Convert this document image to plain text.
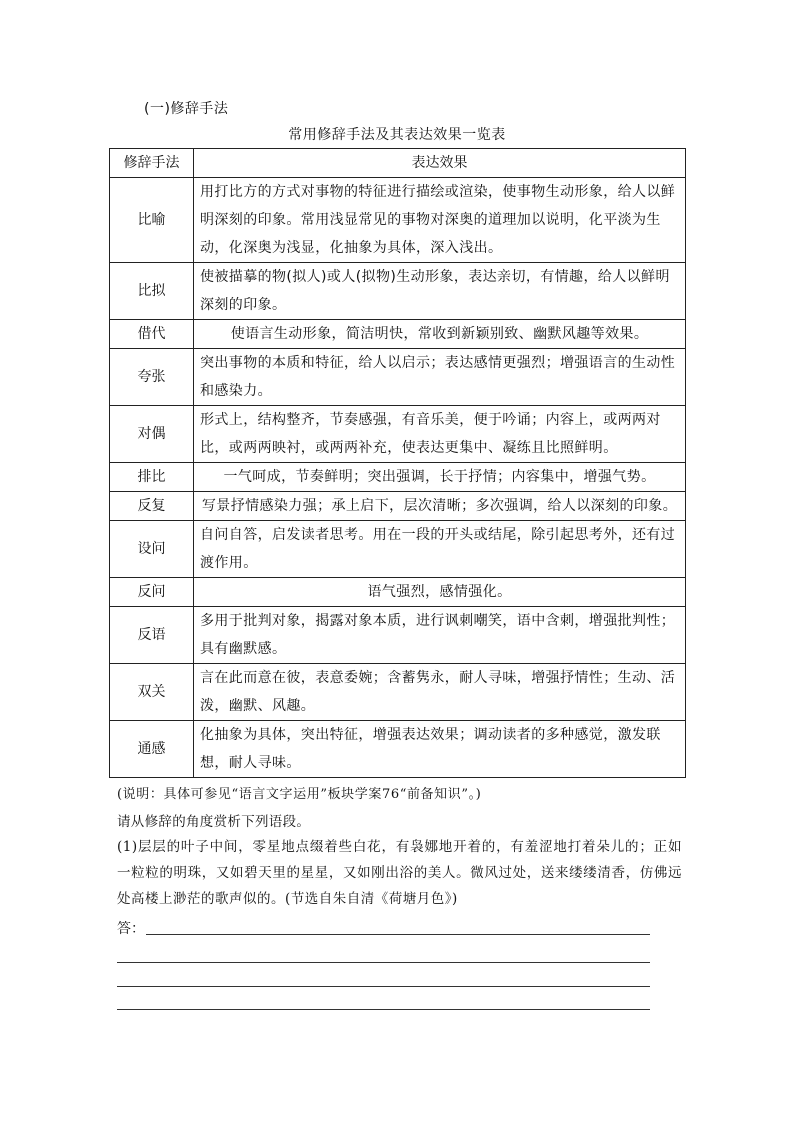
(一)修辞手法
常用修辞手法及其表达效果一览表
修辞手法	表达效果
比喻	用打比方的方式对事物的特征进行描绘或渲染，使事物生动形象，给人以鲜明深刻的印象。常用浅显常见的事物对深奥的道理加以说明，化平淡为生动，化深奥为浅显，化抽象为具体，深入浅出。
比拟	使被描摹的物(拟人)或人(拟物)生动形象，表达亲切，有情趣，给人以鲜明深刻的印象。
借代	使语言生动形象，简洁明快，常收到新颖别致、幽默风趣等效果。
夸张	突出事物的本质和特征，给人以启示；表达感情更强烈；增强语言的生动性和感染力。
对偶	形式上，结构整齐，节奏感强，有音乐美，便于吟诵；内容上，或两两对比，或两两映衬，或两两补充，使表达更集中、凝练且比照鲜明。
排比	一气呵成，节奏鲜明；突出强调，长于抒情；内容集中，增强气势。
反复	写景抒情感染力强；承上启下，层次清晰；多次强调，给人以深刻的印象。
设问	自问自答，启发读者思考。用在一段的开头或结尾，除引起思考外，还有过渡作用。
反问	语气强烈，感情强化。
反语	多用于批判对象，揭露对象本质，进行讽刺嘲笑，语中含刺，增强批判性；具有幽默感。
双关	言在此而意在彼，表意委婉；含蓄隽永，耐人寻味，增强抒情性；生动、活泼，幽默、风趣。
通感	化抽象为具体，突出特征，增强表达效果；调动读者的多种感觉，激发联想，耐人寻味。
(说明：具体可参见“语言文字运用”板块学案76“前备知识”。)
请从修辞的角度赏析下列语段。
(1)层层的叶子中间，零星地点缀着些白花，有袅娜地开着的，有羞涩地打着朵儿的；正如一粒粒的明珠，又如碧天里的星星，又如刚出浴的美人。微风过处，送来缕缕清香，仿佛远处高楼上渺茫的歌声似的。(节选自朱自清《荷塘月色》)
答：
